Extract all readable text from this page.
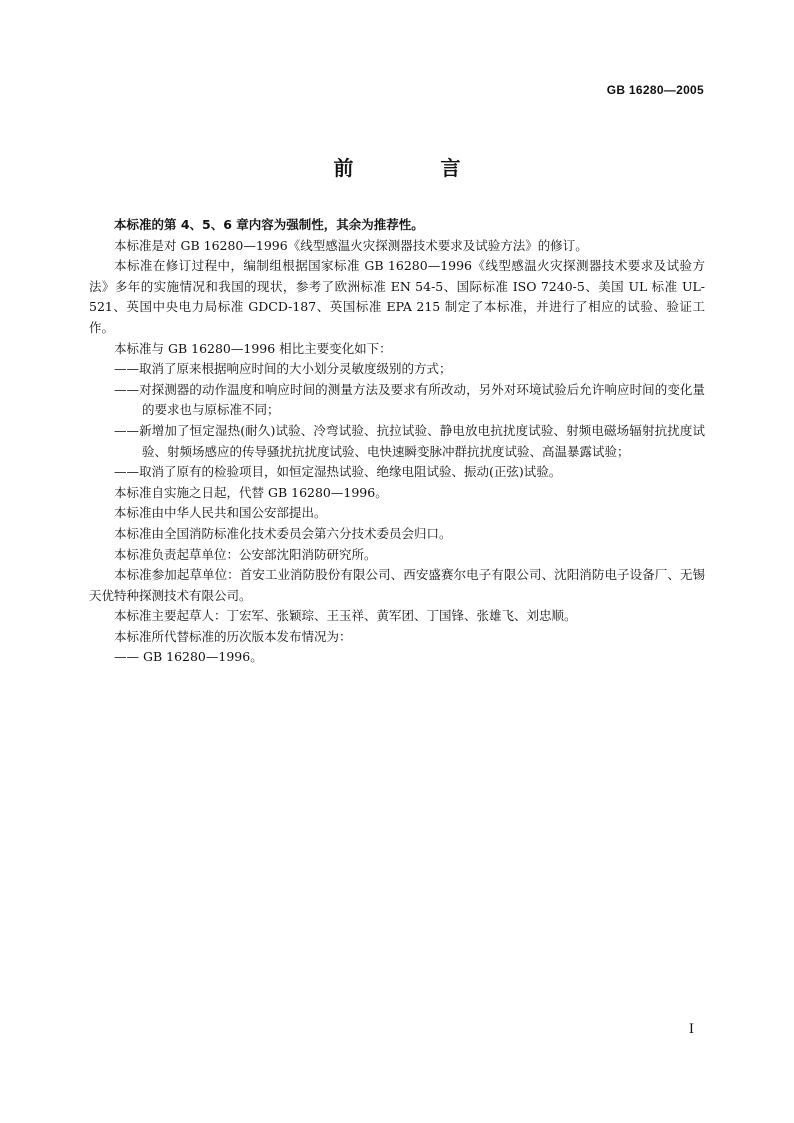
GB 16280—2005
前 言

本标准的第 4、5、6 章内容为强制性，其余为推荐性。

本标准是对 GB 16280—1996《线型感温火灾探测器技术要求及试验方法》的修订。

本标准在修订过程中，编制组根据国家标准 GB 16280—1996《线型感温火灾探测器技术要求及试验方法》多年的实施情况和我国的现状，参考了欧洲标准 EN 54-5、国际标准 ISO 7240-5、美国 UL 标准 UL-521、英国中央电力局标准 GDCD-187、英国标准 EPA 215 制定了本标准，并进行了相应的试验、验证工作。

本标准与 GB 16280—1996 相比主要变化如下：

——取消了原来根据响应时间的大小划分灵敏度级别的方式；

——对探测器的动作温度和响应时间的测量方法及要求有所改动，另外对环境试验后允许响应时间的变化量的要求也与原标准不同；

——新增加了恒定湿热(耐久)试验、冷弯试验、抗拉试验、静电放电抗扰度试验、射频电磁场辐射抗扰度试验、射频场感应的传导骚扰抗扰度试验、电快速瞬变脉冲群抗扰度试验、高温暴露试验；

——取消了原有的检验项目，如恒定湿热试验、绝缘电阻试验、振动(正弦)试验。

本标准自实施之日起，代替 GB 16280—1996。

本标准由中华人民共和国公安部提出。

本标准由全国消防标准化技术委员会第六分技术委员会归口。

本标准负责起草单位：公安部沈阳消防研究所。

本标准参加起草单位：首安工业消防股份有限公司、西安盛赛尔电子有限公司、沈阳消防电子设备厂、无锡天优特种探测技术有限公司。

本标准主要起草人：丁宏军、张颖琮、王玉祥、黄军团、丁国锋、张雄飞、刘忠顺。

本标准所代替标准的历次版本发布情况为：

—— GB 16280—1996。

I
